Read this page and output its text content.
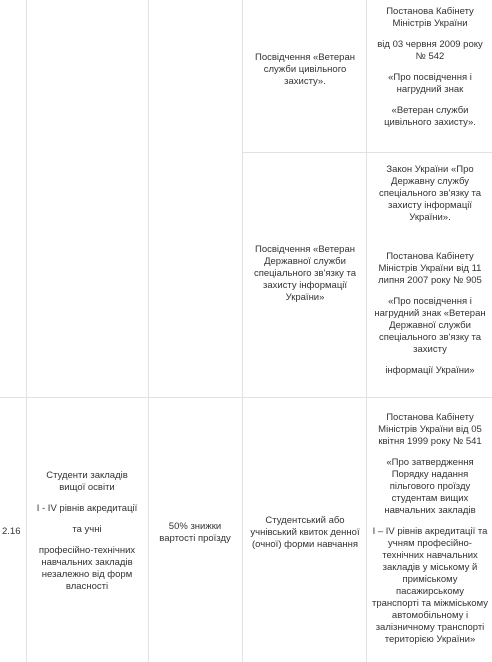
Посвідчення «Ветеран служби цивільного захисту».

Постанова Кабінету Міністрів України

від 03 червня 2009 року № 542

«Про посвідчення і нагрудний знак

«Ветеран служби цивільного захисту».

Посвідчення «Ветеран Державної служби спеціального зв'язку та захисту інформації України»

Закон України «Про Державну службу спеціального зв'язку та захисту інформації України».

Постанова Кабінету Міністрів України від 11 липня 2007 року № 905

«Про посвідчення і нагрудний знак «Ветеран Державної служби спеціального зв'язку та захисту

інформації України»

2.16

Студенти закладів вищої освіти

I - IV рівнів акредитації

та учні

професійно-технічних навчальних закладів незалежно від форм власності

50% знижки вартості проїзду

Студентський або учнівський квиток денної (очної) форми навчання

Постанова Кабінету Міністрів України від 05 квітня 1999 року № 541

«Про затвердження Порядку надання пільгового проїзду студентам вищих навчальних закладів

I – IV рівнів акредитації та учням професійно-технічних навчальних закладів у міському й приміському пасажирському транспорті та міжміському автомобільному і залізничному транспорті територією України»
